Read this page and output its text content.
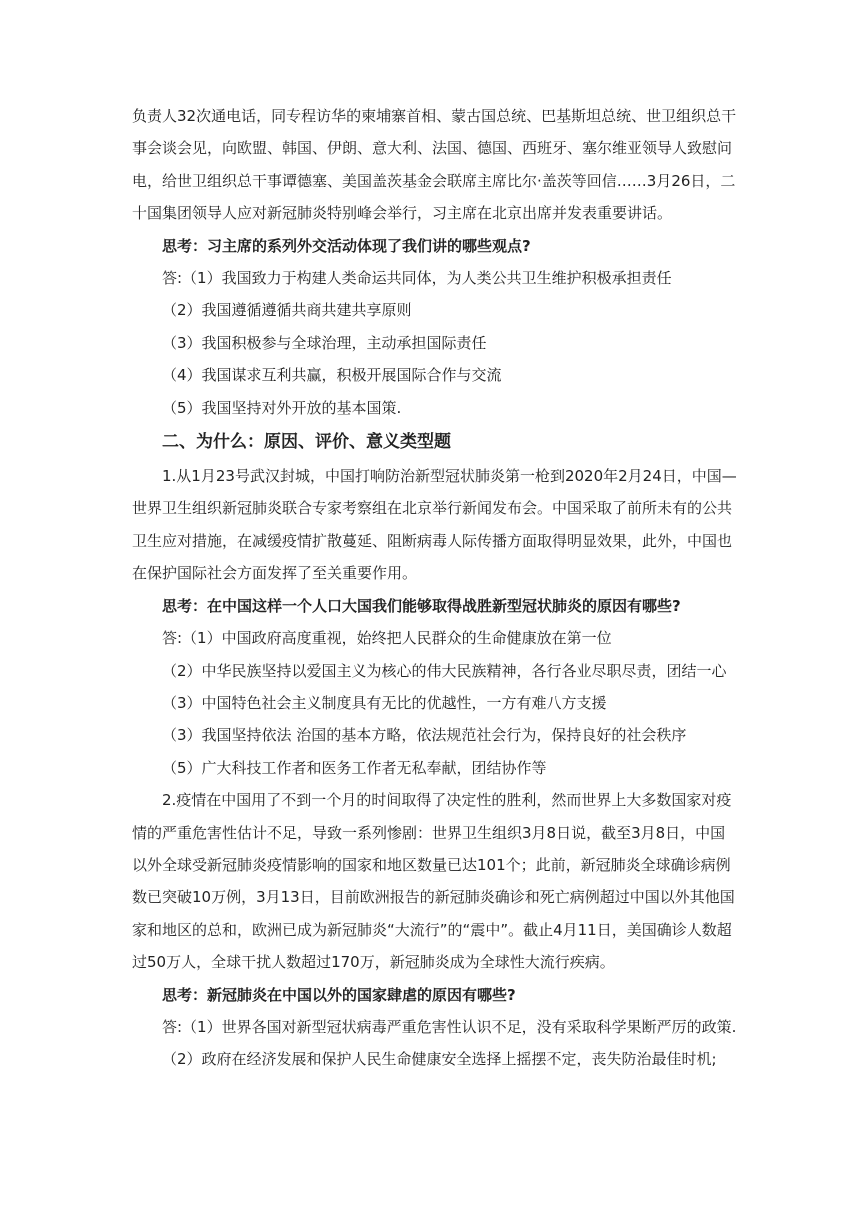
负责人32次通电话，同专程访华的柬埔寨首相、蒙古国总统、巴基斯坦总统、世卫组织总干事会谈会见，向欧盟、韩国、伊朗、意大利、法国、德国、西班牙、塞尔维亚领导人致慰问电，给世卫组织总干事谭德塞、美国盖茨基金会联席主席比尔·盖茨等回信……3月26日，二十国集团领导人应对新冠肺炎特别峰会举行，习主席在北京出席并发表重要讲话。

思考：习主席的系列外交活动体现了我们讲的哪些观点?

答:（1）我国致力于构建人类命运共同体，为人类公共卫生维护积极承担责任

（2）我国遵循遵循共商共建共享原则

（3）我国积极参与全球治理，主动承担国际责任

（4）我国谋求互利共赢，积极开展国际合作与交流

（5）我国坚持对外开放的基本国策.

二、为什么：原因、评价、意义类型题

1.从1月23号武汉封城，中国打响防治新型冠状肺炎第一枪到2020年2月24日，中国—世界卫生组织新冠肺炎联合专家考察组在北京举行新闻发布会。中国采取了前所未有的公共卫生应对措施，在减缓疫情扩散蔓延、阻断病毒人际传播方面取得明显效果，此外，中国也在保护国际社会方面发挥了至关重要作用。

思考：在中国这样一个人口大国我们能够取得战胜新型冠状肺炎的原因有哪些?

答:（1）中国政府高度重视，始终把人民群众的生命健康放在第一位

（2）中华民族坚持以爱国主义为核心的伟大民族精神，各行各业尽职尽责，团结一心

（3）中国特色社会主义制度具有无比的优越性，一方有难八方支援

（3）我国坚持依法 治国的基本方略，依法规范社会行为，保持良好的社会秩序

（5）广大科技工作者和医务工作者无私奉献，团结协作等

2.疫情在中国用了不到一个月的时间取得了决定性的胜利，然而世界上大多数国家对疫情的严重危害性估计不足，导致一系列惨剧：世界卫生组织3月8日说，截至3月8日，中国以外全球受新冠肺炎疫情影响的国家和地区数量已达101个；此前，新冠肺炎全球确诊病例数已突破10万例，3月13日，目前欧洲报告的新冠肺炎确诊和死亡病例超过中国以外其他国家和地区的总和，欧洲已成为新冠肺炎“大流行”的“震中”。截止4月11日，美国确诊人数超过50万人，全球干扰人数超过170万，新冠肺炎成为全球性大流行疾病。

思考：新冠肺炎在中国以外的国家肆虐的原因有哪些?

答:（1）世界各国对新型冠状病毒严重危害性认识不足，没有采取科学果断严厉的政策.

（2）政府在经济发展和保护人民生命健康安全选择上摇摆不定，丧失防治最佳时机;
